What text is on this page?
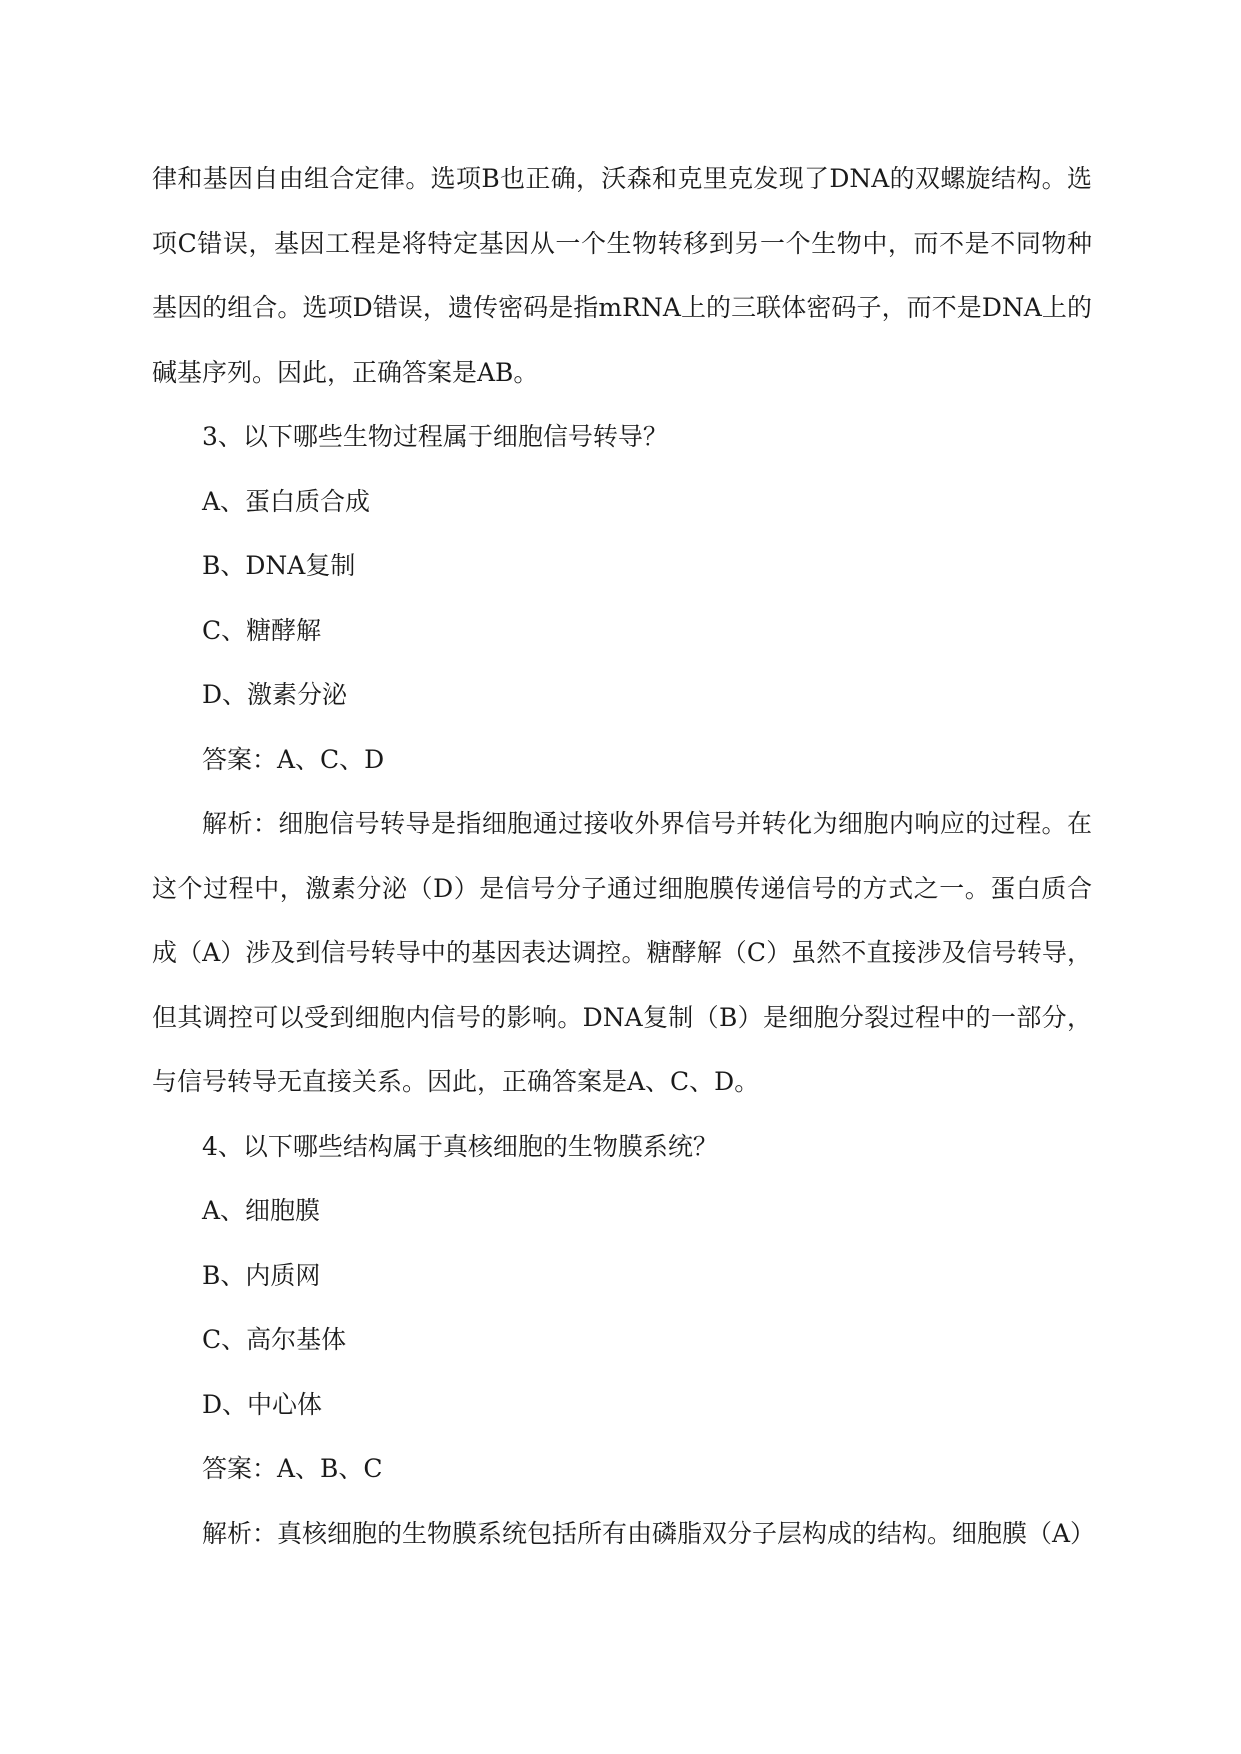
律和基因自由组合定律。选项B也正确，沃森和克里克发现了DNA的双螺旋结构。选项C错误，基因工程是将特定基因从一个生物转移到另一个生物中，而不是不同物种基因的组合。选项D错误，遗传密码是指mRNA上的三联体密码子，而不是DNA上的碱基序列。因此，正确答案是AB。

3、以下哪些生物过程属于细胞信号转导？

A、蛋白质合成

B、DNA复制

C、糖酵解

D、激素分泌

答案：A、C、D

解析：细胞信号转导是指细胞通过接收外界信号并转化为细胞内响应的过程。在这个过程中，激素分泌（D）是信号分子通过细胞膜传递信号的方式之一。蛋白质合成（A）涉及到信号转导中的基因表达调控。糖酵解（C）虽然不直接涉及信号转导，但其调控可以受到细胞内信号的影响。DNA复制（B）是细胞分裂过程中的一部分，与信号转导无直接关系。因此，正确答案是A、C、D。

4、以下哪些结构属于真核细胞的生物膜系统？

A、细胞膜

B、内质网

C、高尔基体

D、中心体

答案：A、B、C

解析：真核细胞的生物膜系统包括所有由磷脂双分子层构成的结构。细胞膜（A）
